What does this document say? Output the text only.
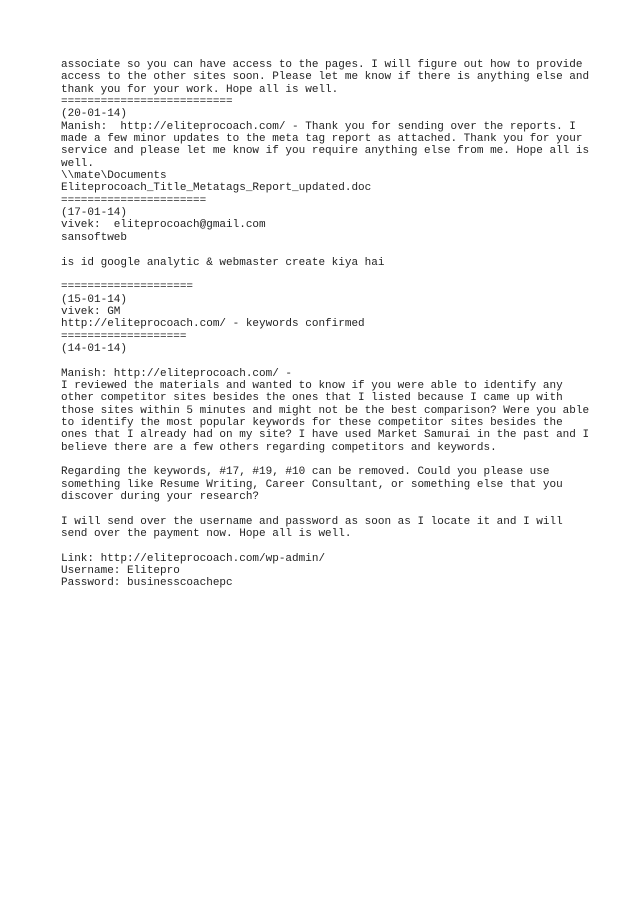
associate so you can have access to the pages. I will figure out how to provide
access to the other sites soon. Please let me know if there is anything else and
thank you for your work. Hope all is well.
==========================
(20-01-14)
Manish:  http://eliteprocoach.com/ - Thank you for sending over the reports. I
made a few minor updates to the meta tag report as attached. Thank you for your
service and please let me know if you require anything else from me. Hope all is
well.
\\mate\Documents
Eliteprocoach_Title_Metatags_Report_updated.doc
======================
(17-01-14)
vivek:  eliteprocoach@gmail.com
sansoftweb
is id google analytic & webmaster create kiya hai
====================
(15-01-14)
vivek: GM
http://eliteprocoach.com/ - keywords confirmed
===================
(14-01-14)
Manish: http://eliteprocoach.com/ -
I reviewed the materials and wanted to know if you were able to identify any
other competitor sites besides the ones that I listed because I came up with
those sites within 5 minutes and might not be the best comparison? Were you able
to identify the most popular keywords for these competitor sites besides the
ones that I already had on my site? I have used Market Samurai in the past and I
believe there are a few others regarding competitors and keywords.
Regarding the keywords, #17, #19, #10 can be removed. Could you please use
something like Resume Writing, Career Consultant, or something else that you
discover during your research?
I will send over the username and password as soon as I locate it and I will
send over the payment now. Hope all is well.
Link: http://eliteprocoach.com/wp-admin/
Username: Elitepro
Password: businesscoachepc
